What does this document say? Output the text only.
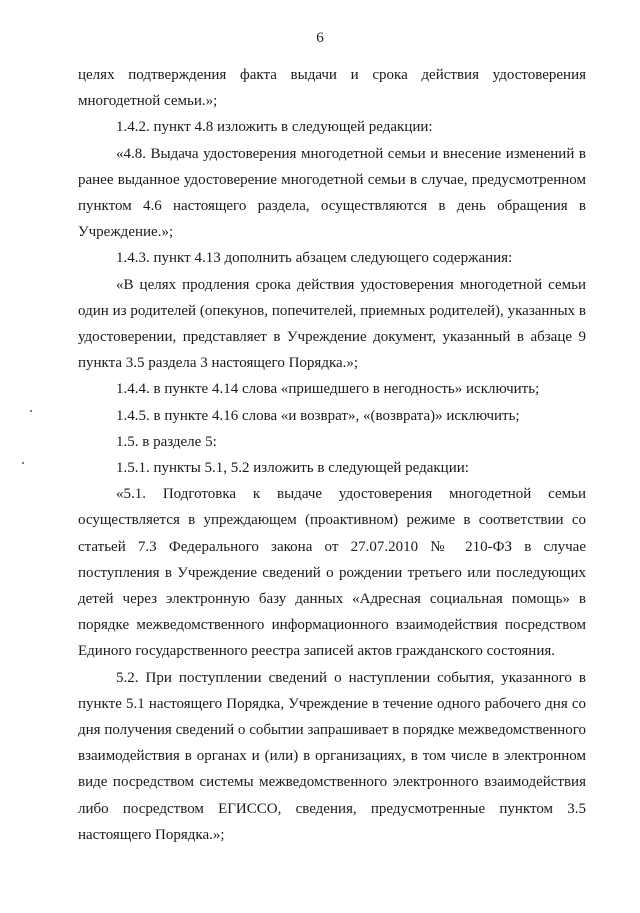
6

целях подтверждения факта выдачи и срока действия удостоверения многодетной семьи.»;

1.4.2. пункт 4.8 изложить в следующей редакции:

«4.8. Выдача удостоверения многодетной семьи и внесение изменений в ранее выданное удостоверение многодетной семьи в случае, предусмотренном пунктом 4.6 настоящего раздела, осуществляются в день обращения в Учреждение.»;

1.4.3. пункт 4.13 дополнить абзацем следующего содержания:

«В целях продления срока действия удостоверения многодетной семьи один из родителей (опекунов, попечителей, приемных родителей), указанных в удостоверении, представляет в Учреждение документ, указанный в абзаце 9 пункта 3.5 раздела 3 настоящего Порядка.»;

1.4.4. в пункте 4.14 слова «пришедшего в негодность» исключить;

1.4.5. в пункте 4.16 слова «и возврат», «(возврата)» исключить;

1.5. в разделе 5:

1.5.1. пункты 5.1, 5.2 изложить в следующей редакции:

«5.1. Подготовка к выдаче удостоверения многодетной семьи осуществляется в упреждающем (проактивном) режиме в соответствии со статьей 7.3 Федерального закона от 27.07.2010 № 210-ФЗ в случае поступления в Учреждение сведений о рождении третьего или последующих детей через электронную базу данных «Адресная социальная помощь» в порядке межведомственного информационного взаимодействия посредством Единого государственного реестра записей актов гражданского состояния.

5.2. При поступлении сведений о наступлении события, указанного в пункте 5.1 настоящего Порядка, Учреждение в течение одного рабочего дня со дня получения сведений о событии запрашивает в порядке межведомственного взаимодействия в органах и (или) в организациях, в том числе в электронном виде посредством системы межведомственного электронного взаимодействия либо посредством ЕГИССО, сведения, предусмотренные пунктом 3.5 настоящего Порядка.»;
